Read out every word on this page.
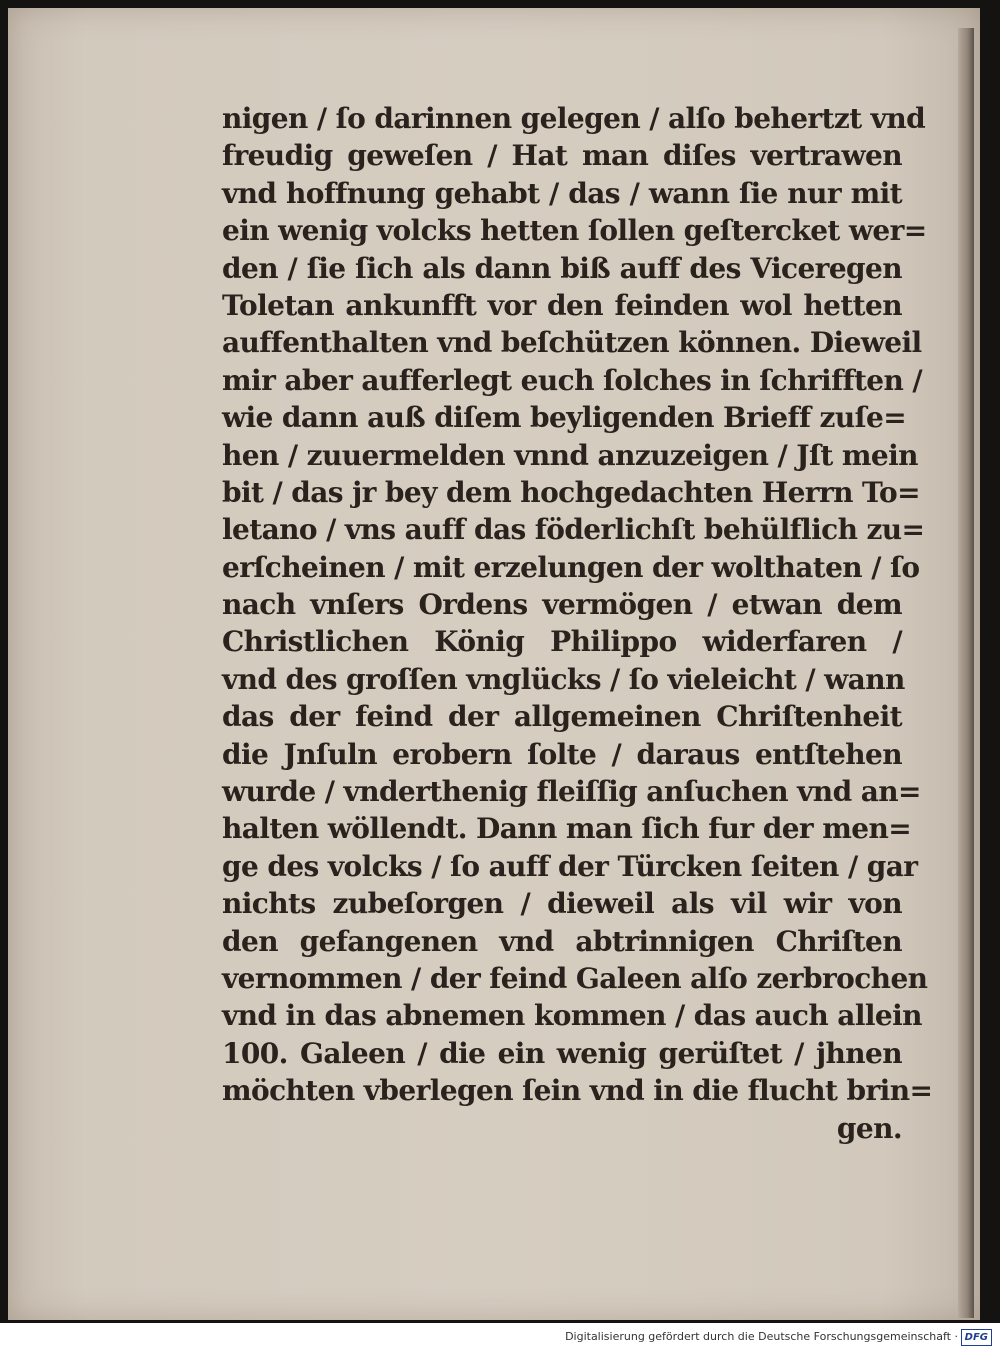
nigen / ſo darinnen gelegen / alſo behertzt vnd
freudig geweſen / Hat man diſes vertrawen
vnd hoffnung gehabt / das / wann ſie nur mit
ein wenig volcks hetten ſollen geſtercket wer=
den / ſie ſich als dann biß auff des Viceregen
Toletan ankunfft vor den feinden wol hetten
auffenthalten vnd beſchützen können. Dieweil
mir aber aufferlegt euch ſolches in ſchrifften /
wie dann auß diſem beyligenden Brieff zuſe=
hen / zuuermelden vnnd anzuzeigen / Jſt mein
bit / das jr bey dem hochgedachten Herrn To=
letano / vns auff das föderlichſt behülflich zu=
erſcheinen / mit erzelungen der wolthaten / ſo
nach vnſers Ordens vermögen / etwan dem
Christlichen König Philippo widerfaren /
vnd des groſſen vnglücks / ſo vieleicht / wann
das der feind der allgemeinen Chriſtenheit
die Jnſuln erobern ſolte / daraus entſtehen
wurde / vnderthenig fleiſſig anſuchen vnd an=
halten wöllendt. Dann man ſich fur der men=
ge des volcks / ſo auff der Türcken ſeiten / gar
nichts zubeſorgen / dieweil als vil wir von
den gefangenen vnd abtrinnigen Chriſten
vernommen / der feind Galeen alſo zerbrochen
vnd in das abnemen kommen / das auch allein
100. Galeen / die ein wenig gerüſtet / jhnen
möchten vberlegen ſein vnd in die flucht brin=
gen.
Digitalisierung gefördert durch die Deutsche Forschungsgemeinschaft · DFG
